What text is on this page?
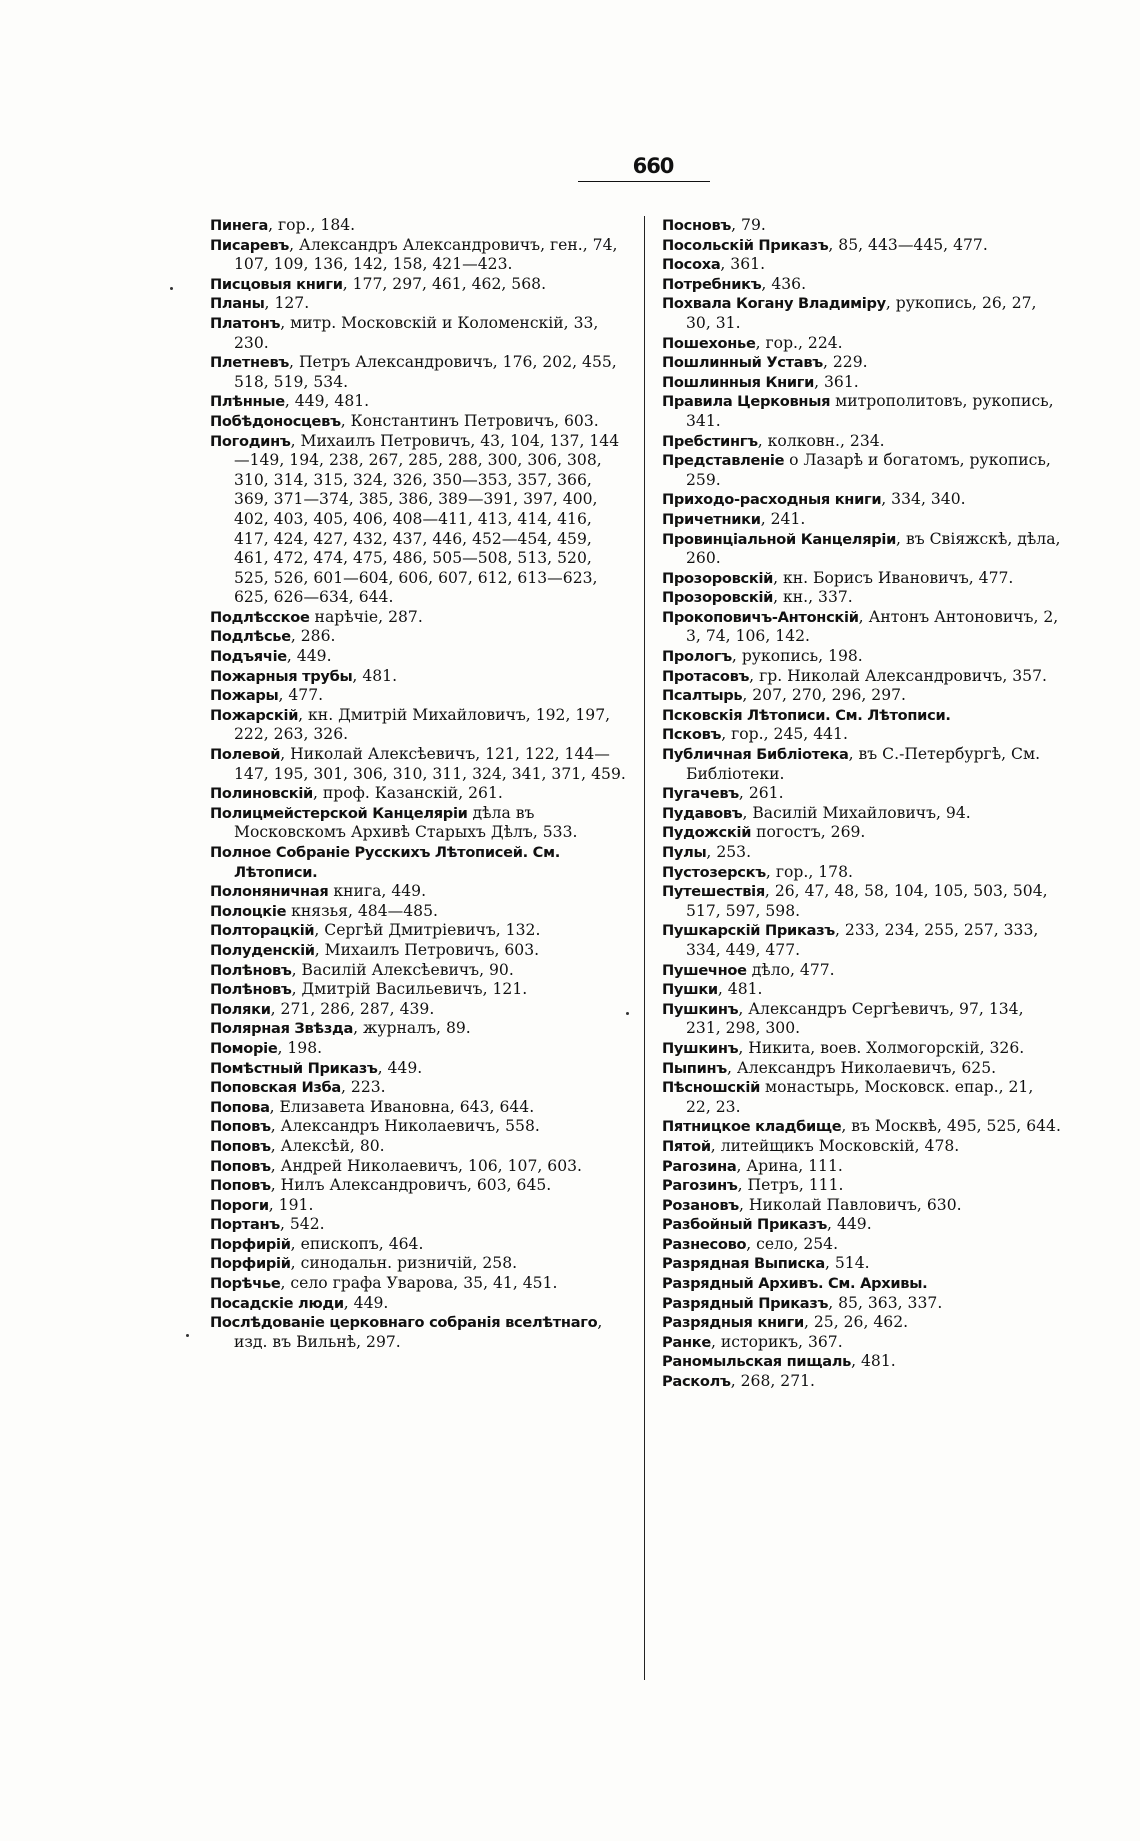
660

Пинега, гор., 184.

Писаревъ, Александръ Александровичъ, ген., 74, 107, 109, 136, 142, 158, 421—423.

Писцовыя книги, 177, 297, 461, 462, 568.

Планы, 127.

Платонъ, митр. Московскій и Коломенскій, 33, 230.

Плетневъ, Петръ Александровичъ, 176, 202, 455, 518, 519, 534.

Плѣнные, 449, 481.

Побѣдоносцевъ, Константинъ Петровичъ, 603.

Погодинъ, Михаилъ Петровичъ, 43, 104, 137, 144—149, 194, 238, 267, 285, 288, 300, 306, 308, 310, 314, 315, 324, 326, 350—353, 357, 366, 369, 371—374, 385, 386, 389—391, 397, 400, 402, 403, 405, 406, 408—411, 413, 414, 416, 417, 424, 427, 432, 437, 446, 452—454, 459, 461, 472, 474, 475, 486, 505—508, 513, 520, 525, 526, 601—604, 606, 607, 612, 613—623, 625, 626—634, 644.

Подлѣсское нарѣчіе, 287.

Подлѣсье, 286.

Подъячіе, 449.

Пожарныя трубы, 481.

Пожары, 477.

Пожарскій, кн. Дмитрій Михайловичъ, 192, 197, 222, 263, 326.

Полевой, Николай Алексѣевичъ, 121, 122, 144—147, 195, 301, 306, 310, 311, 324, 341, 371, 459.

Полиновскій, проф. Казанскій, 261.

Полицмейстерской Канцеляріи дѣла въ Московскомъ Архивѣ Старыхъ Дѣлъ, 533.

Полное Собраніе Русскихъ Лѣтописей. См. Лѣтописи.

Полоняничная книга, 449.

Полоцкіе князья, 484—485.

Полторацкій, Сергѣй Дмитріевичъ, 132.

Полуденскій, Михаилъ Петровичъ, 603.

Полѣновъ, Василій Алексѣевичъ, 90.

Полѣновъ, Дмитрій Васильевичъ, 121.

Поляки, 271, 286, 287, 439.

Полярная Звѣзда, журналъ, 89.

Поморіе, 198.

Помѣстный Приказъ, 449.

Поповская Изба, 223.

Попова, Елизавета Ивановна, 643, 644.

Поповъ, Александръ Николаевичъ, 558.

Поповъ, Алексѣй, 80.

Поповъ, Андрей Николаевичъ, 106, 107, 603.

Поповъ, Нилъ Александровичъ, 603, 645.

Пороги, 191.

Портанъ, 542.

Порфирій, епископъ, 464.

Порфирій, синодальн. ризничій, 258.

Порѣчье, село графа Уварова, 35, 41, 451.

Посадскіе люди, 449.

Послѣдованіе церковнаго собранія вселѣтнаго, изд. въ Вильнѣ, 297.

Посновъ, 79.

Посольскій Приказъ, 85, 443—445, 477.

Посоха, 361.

Потребникъ, 436.

Похвала Когану Владиміру, рукопись, 26, 27, 30, 31.

Пошехонье, гор., 224.

Пошлинный Уставъ, 229.

Пошлинныя Книги, 361.

Правила Церковныя митрополитовъ, рукопись, 341.

Пребстингъ, колковн., 234.

Представленіе о Лазарѣ и богатомъ, рукопись, 259.

Приходо-расходныя книги, 334, 340.

Причетники, 241.

Провинціальной Канцеляріи, въ Свіяжскѣ, дѣла, 260.

Прозоровскій, кн. Борисъ Ивановичъ, 477.

Прозоровскій, кн., 337.

Прокоповичъ-Антонскій, Антонъ Антоновичъ, 2, 3, 74, 106, 142.

Прологъ, рукопись, 198.

Протасовъ, гр. Николай Александровичъ, 357.

Псалтырь, 207, 270, 296, 297.

Псковскія Лѣтописи. См. Лѣтописи.

Псковъ, гор., 245, 441.

Публичная Библіотека, въ С.-Петербургѣ, См. Библіотеки.

Пугачевъ, 261.

Пудавовъ, Василій Михайловичъ, 94.

Пудожскій погостъ, 269.

Пулы, 253.

Пустозерскъ, гор., 178.

Путешествія, 26, 47, 48, 58, 104, 105, 503, 504, 517, 597, 598.

Пушкарскій Приказъ, 233, 234, 255, 257, 333, 334, 449, 477.

Пушечное дѣло, 477.

Пушки, 481.

Пушкинъ, Александръ Сергѣевичъ, 97, 134, 231, 298, 300.

Пушкинъ, Никита, воев. Холмогорскій, 326.

Пыпинъ, Александръ Николаевичъ, 625.

Пѣсношскій монастырь, Московск. епар., 21, 22, 23.

Пятницкое кладбище, въ Москвѣ, 495, 525, 644.

Пятой, литейщикъ Московскій, 478.

Рагозина, Арина, 111.

Рагозинъ, Петръ, 111.

Розановъ, Николай Павловичъ, 630.

Разбойный Приказъ, 449.

Разнесово, село, 254.

Разрядная Выписка, 514.

Разрядный Архивъ. См. Архивы.

Разрядный Приказъ, 85, 363, 337.

Разрядныя книги, 25, 26, 462.

Ранке, историкъ, 367.

Раномыльская пищаль, 481.

Расколъ, 268, 271.
